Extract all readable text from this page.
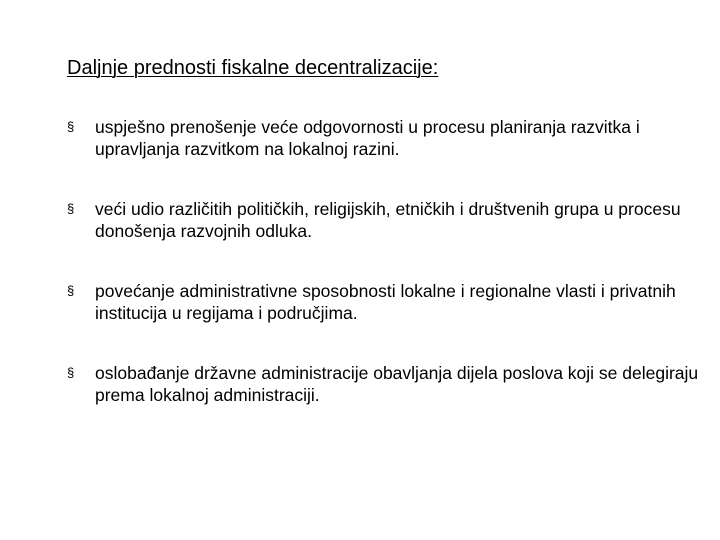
Daljnje prednosti fiskalne decentralizacije:
§ uspješno prenošenje veće odgovornosti u procesu planiranja razvitka i upravljanja razvitkom na lokalnoj razini.
§ veći udio različitih političkih, religijskih, etničkih i društvenih grupa u procesu donošenja razvojnih odluka.
§ povećanje administrativne sposobnosti lokalne i regionalne vlasti i privatnih institucija u regijama i područjima.
§ oslobađanje državne administracije obavljanja dijela poslova koji se delegiraju prema lokalnoj administraciji.
